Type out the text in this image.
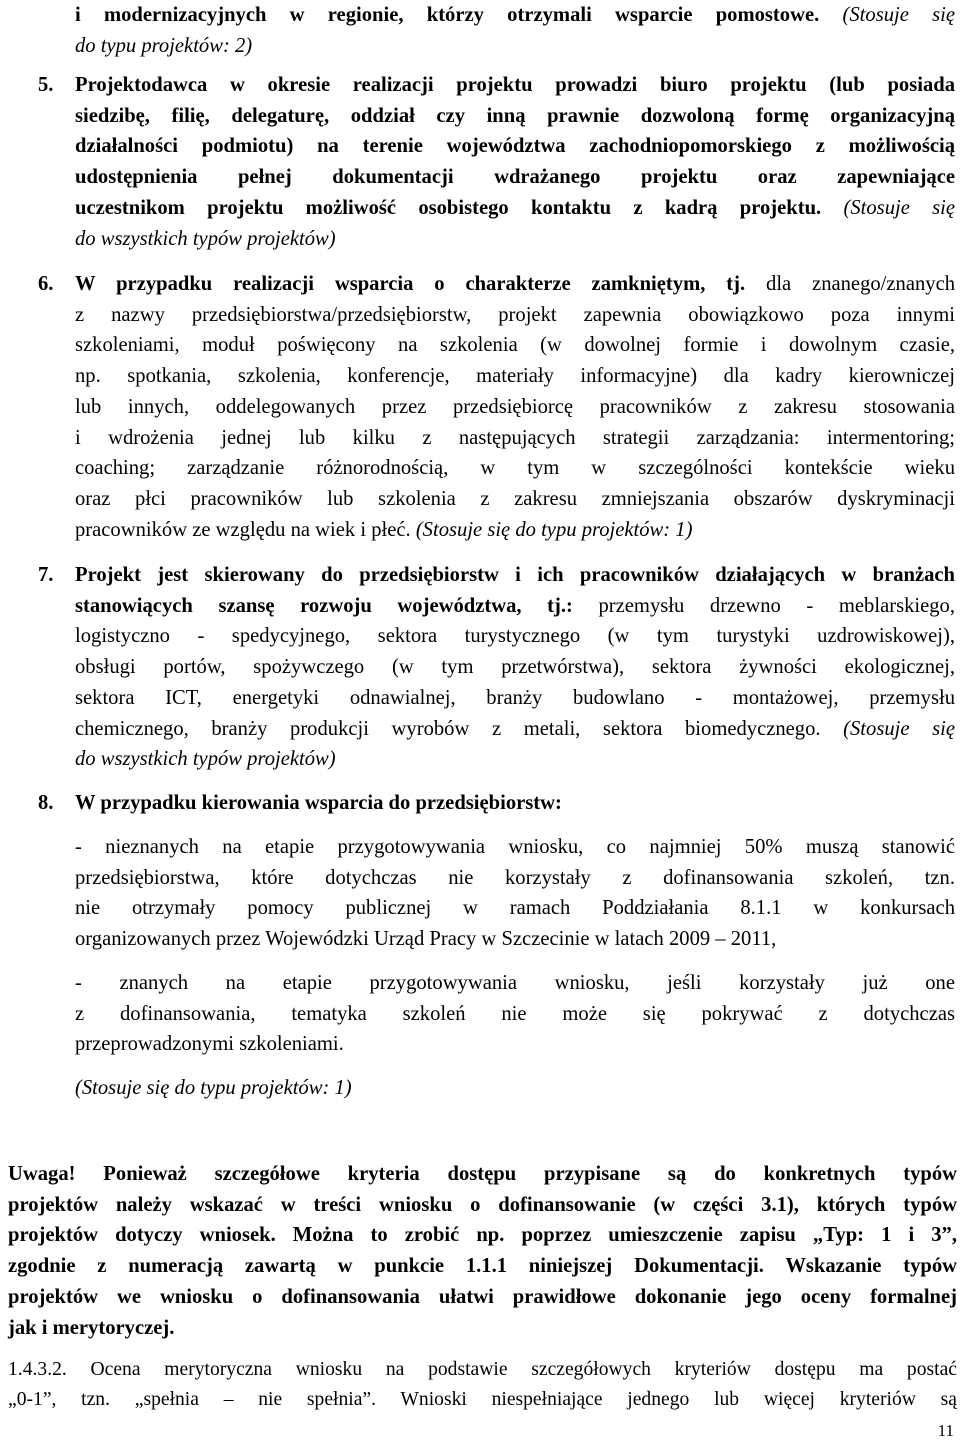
i modernizacyjnych w regionie, którzy otrzymali wsparcie pomostowe. (Stosuje się

do typu projektów: 2)

5. Projektodawca w okresie realizacji projektu prowadzi biuro projektu (lub posiada

siedzibę, filię, delegaturę, oddział czy inną prawnie dozwoloną formę organizacyjną

działalności podmiotu) na terenie województwa zachodniopomorskiego z możliwością

udostępnienia pełnej dokumentacji wdrażanego projektu oraz zapewniające

uczestnikom projektu możliwość osobistego kontaktu z kadrą projektu. (Stosuje się

do wszystkich typów projektów)

6. W przypadku realizacji wsparcia o charakterze zamkniętym, tj. dla znanego/znanych

z nazwy przedsiębiorstwa/przedsiębiorstw, projekt zapewnia obowiązkowo poza innymi

szkoleniami, moduł poświęcony na szkolenia (w dowolnej formie i dowolnym czasie,

np. spotkania, szkolenia, konferencje, materiały informacyjne) dla kadry kierowniczej

lub innych, oddelegowanych przez przedsiębiorcę pracowników z zakresu stosowania

i wdrożenia jednej lub kilku z następujących strategii zarządzania: intermentoring;

coaching; zarządzanie różnorodnością, w tym w szczególności kontekście wieku

oraz płci pracowników lub szkolenia z zakresu zmniejszania obszarów dyskryminacji

pracowników ze względu na wiek i płeć. (Stosuje się do typu projektów: 1)

7. Projekt jest skierowany do przedsiębiorstw i ich pracowników działających w branżach

stanowiących szansę rozwoju województwa, tj.: przemysłu drzewno - meblarskiego,

logistyczno - spedycyjnego, sektora turystycznego (w tym turystyki uzdrowiskowej),

obsługi portów, spożywczego (w tym przetwórstwa), sektora żywności ekologicznej,

sektora ICT, energetyki odnawialnej, branży budowlano - montażowej, przemysłu

chemicznego, branży produkcji wyrobów z metali, sektora biomedycznego. (Stosuje się

do wszystkich typów projektów)

8. W przypadku kierowania wsparcia do przedsiębiorstw:

- nieznanych na etapie przygotowywania wniosku, co najmniej 50% muszą stanowić

przedsiębiorstwa, które dotychczas nie korzystały z dofinansowania szkoleń, tzn.

nie otrzymały pomocy publicznej w ramach Poddziałania 8.1.1 w konkursach

organizowanych przez Wojewódzki Urząd Pracy w Szczecinie w latach 2009 – 2011,

- znanych na etapie przygotowywania wniosku, jeśli korzystały już one

z dofinansowania, tematyka szkoleń nie może się pokrywać z dotychczas

przeprowadzonymi szkoleniami.

(Stosuje się do typu projektów: 1)

Uwaga! Ponieważ szczegółowe kryteria dostępu przypisane są do konkretnych typów

projektów należy wskazać w treści wniosku o dofinansowanie (w części 3.1), których typów

projektów dotyczy wniosek. Można to zrobić np. poprzez umieszczenie zapisu „Typ: 1 i 3”,

zgodnie z numeracją zawartą w punkcie 1.1.1 niniejszej Dokumentacji. Wskazanie typów

projektów we wniosku o dofinansowania ułatwi prawidłowe dokonanie jego oceny formalnej

jak i merytoryczej.

1.4.3.2. Ocena merytoryczna wniosku na podstawie szczegółowych kryteriów dostępu ma postać

„0-1”, tzn. „spełnia – nie spełnia”. Wnioski niespełniające jednego lub więcej kryteriów są

11
